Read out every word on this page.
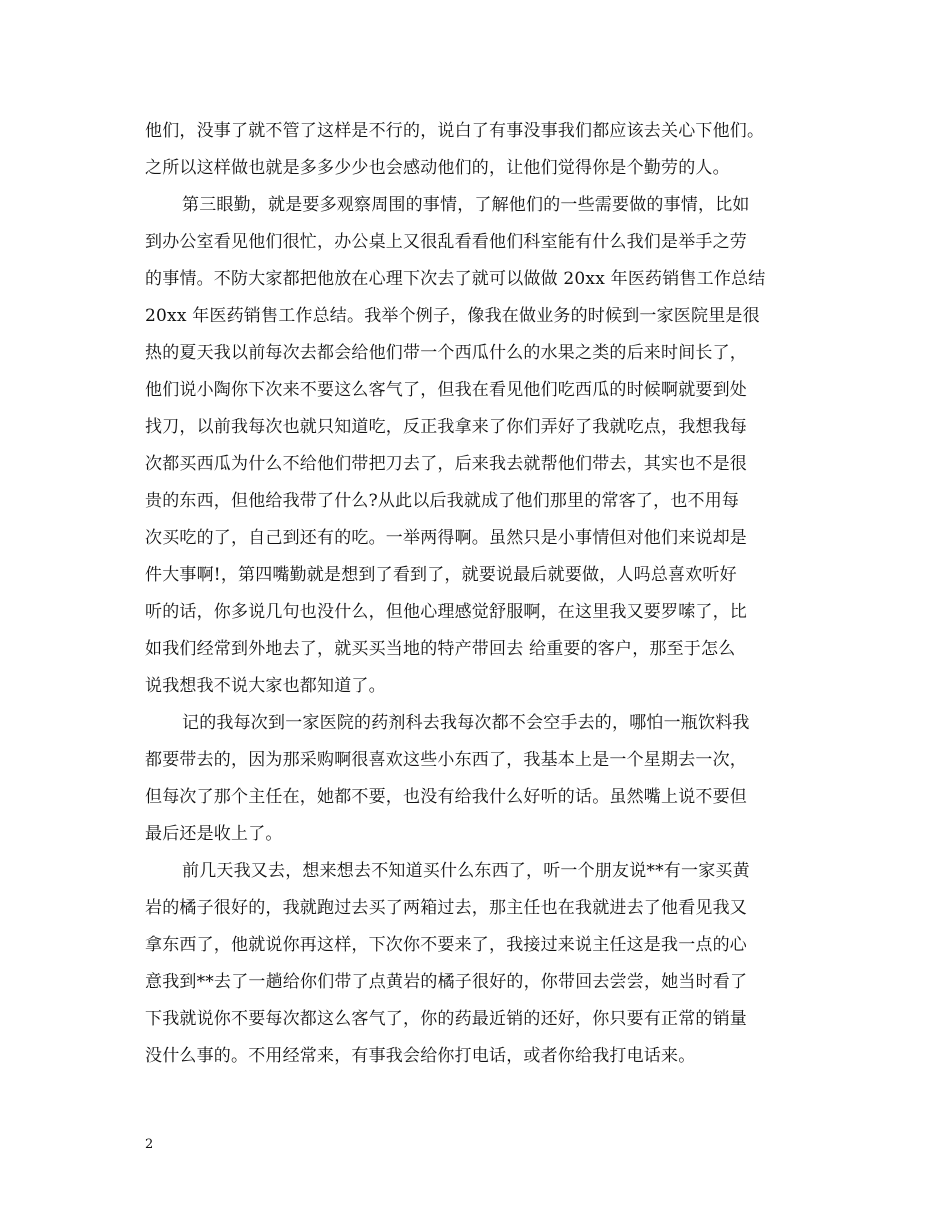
他们，没事了就不管了这样是不行的，说白了有事没事我们都应该去关心下他们。
之所以这样做也就是多多少少也会感动他们的，让他们觉得你是个勤劳的人。
第三眼勤，就是要多观察周围的事情，了解他们的一些需要做的事情，比如
到办公室看见他们很忙，办公桌上又很乱看看他们科室能有什么我们是举手之劳
的事情。不防大家都把他放在心理下次去了就可以做做 20xx 年医药销售工作总结
20xx 年医药销售工作总结。我举个例子，像我在做业务的时候到一家医院里是很
热的夏天我以前每次去都会给他们带一个西瓜什么的水果之类的后来时间长了，
他们说小陶你下次来不要这么客气了，但我在看见他们吃西瓜的时候啊就要到处
找刀，以前我每次也就只知道吃，反正我拿来了你们弄好了我就吃点，我想我每
次都买西瓜为什么不给他们带把刀去了，后来我去就帮他们带去，其实也不是很
贵的东西，但他给我带了什么?从此以后我就成了他们那里的常客了，也不用每
次买吃的了，自己到还有的吃。一举两得啊。虽然只是小事情但对他们来说却是
件大事啊!，第四嘴勤就是想到了看到了，就要说最后就要做，人吗总喜欢听好
听的话，你多说几句也没什么，但他心理感觉舒服啊，在这里我又要罗嗦了，比
如我们经常到外地去了，就买买当地的特产带回去 给重要的客户，那至于怎么
说我想我不说大家也都知道了。
记的我每次到一家医院的药剂科去我每次都不会空手去的，哪怕一瓶饮料我
都要带去的，因为那采购啊很喜欢这些小东西了，我基本上是一个星期去一次，
但每次了那个主任在，她都不要，也没有给我什么好听的话。虽然嘴上说不要但
最后还是收上了。
前几天我又去，想来想去不知道买什么东西了，听一个朋友说**有一家买黄
岩的橘子很好的，我就跑过去买了两箱过去，那主任也在我就进去了他看见我又
拿东西了，他就说你再这样，下次你不要来了，我接过来说主任这是我一点的心
意我到**去了一趟给你们带了点黄岩的橘子很好的，你带回去尝尝，她当时看了
下我就说你不要每次都这么客气了，你的药最近销的还好，你只要有正常的销量
没什么事的。不用经常来，有事我会给你打电话，或者你给我打电话来。
2
